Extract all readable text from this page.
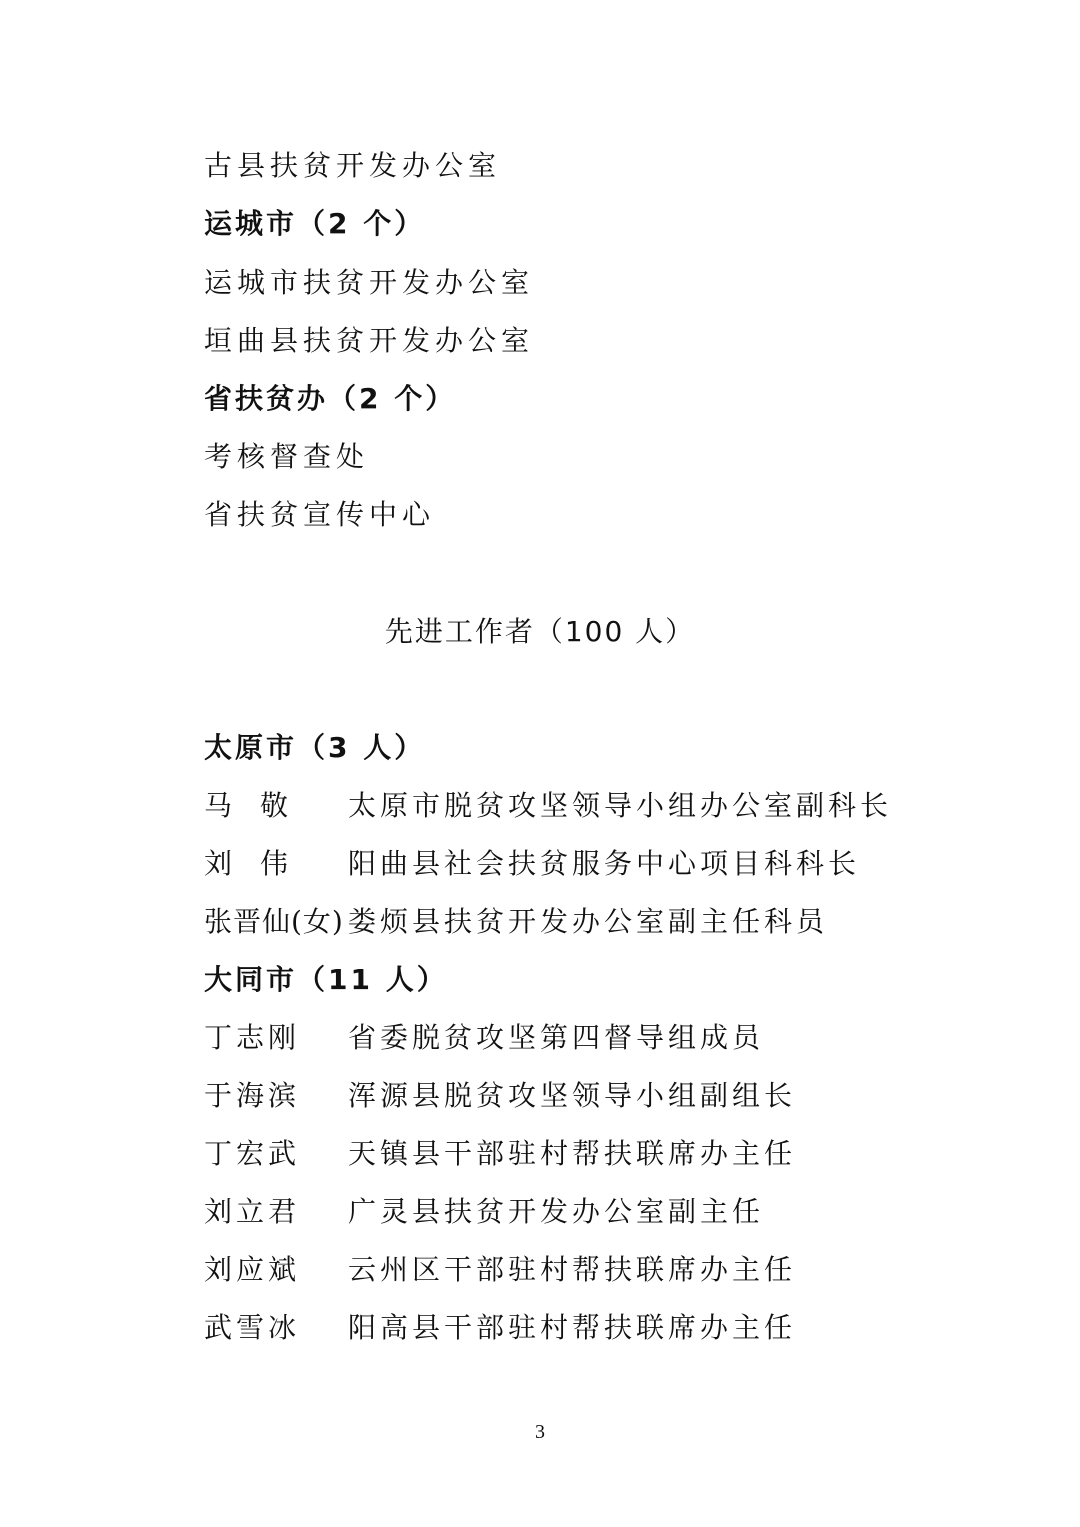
古县扶贫开发办公室
运城市（2 个）
运城市扶贫开发办公室
垣曲县扶贫开发办公室
省扶贫办（2 个）
考核督查处
省扶贫宣传中心
先进工作者（100 人）
太原市（3 人）
马敬 太原市脱贫攻坚领导小组办公室副科长
刘伟 阳曲县社会扶贫服务中心项目科科长
张晋仙(女) 娄烦县扶贫开发办公室副主任科员
大同市（11 人）
丁志刚 省委脱贫攻坚第四督导组成员
于海滨 浑源县脱贫攻坚领导小组副组长
丁宏武 天镇县干部驻村帮扶联席办主任
刘立君 广灵县扶贫开发办公室副主任
刘应斌 云州区干部驻村帮扶联席办主任
武雪冰 阳高县干部驻村帮扶联席办主任
3
